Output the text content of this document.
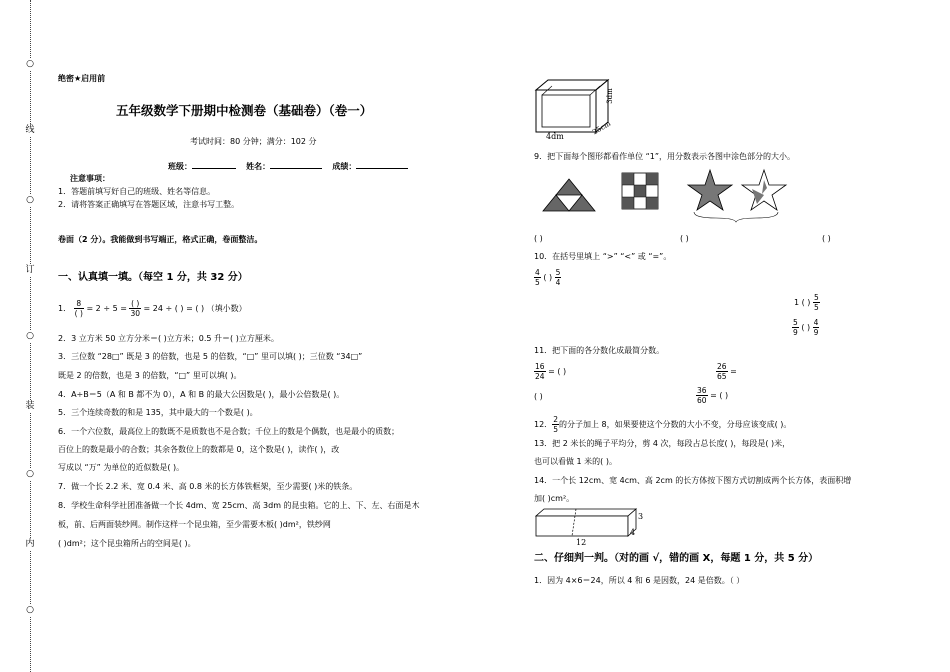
○
线
○
订
○
装
○
内
○
绝密★启用前
五年级数学下册期中检测卷（基础卷）（卷一）
考试时间：80 分钟；满分：102 分
班级：	姓名：	成绩：
注意事项：
1．答题前填写好自己的班级、姓名等信息。
2．请将答案正确填写在答题区域，注意书写工整。
卷面（2 分）。我能做到书写端正，格式正确，卷面整洁。
一、认真填一填。（每空 1 分，共 32 分）
1． $\frac{8}{( )} = 2 \div 5 = \frac{( )}{30} = 24$ ÷ ( ) = ( ) （填小数）
2．3 立方米 50 立方分米＝( )立方米；0.5 升＝( )立方厘米。
3．三位数 “28□” 既是 3 的倍数，也是 5 的倍数，“□” 里可以填( )；三位数 “34□”
既是 2 的倍数，也是 3 的倍数，“□” 里可以填( )。
4．A÷B＝5（A 和 B 都不为 0），A 和 B 的最大公因数是( )，最小公倍数是( )。
5．三个连续奇数的和是 135，其中最大的一个数是( )。
6．一个六位数，最高位上的数既不是质数也不是合数；千位上的数是个偶数，也是最小的质数；
百位上的数是最小的合数；其余各数位上的数都是 0，这个数是( )，读作( )，改
写成以 “万” 为单位的近似数是( )。
7．做一个长 2.2 米、宽 0.4 米、高 0.8 米的长方体铁框架，至少需要( )米的铁条。
8．学校生命科学社团准备做一个长 4dm、宽 25cm、高 3dm 的昆虫箱。它的上、下、左、右面是木
板，前、后两面装纱网。制作这样一个昆虫箱，至少需要木板( )dm²，铁纱网
( )dm²；这个昆虫箱所占的空间是( )。
4dm
25cm
3dm
9．把下面每个图形都看作单位 “1”，用分数表示各图中涂色部分的大小。
( )	( )	( )
10．在括号里填上 “>” “<” 或 “=”。
$\frac{4}{5}$ ( ) $\frac{5}{4}$
1 ( ) $\frac{5}{5}$
$\frac{5}{9}$ ( ) $\frac{4}{9}$
11．把下面的各分数化成最简分数。
$\frac{16}{24}$ = ( )	$\frac{26}{65}$ =
( )	$\frac{36}{60}$ = ( )
12． $\frac{2}{5}$ 的分子加上 8，如果要使这个分数的大小不变，分母应该变成( )。
13．把 2 米长的绳子平均分，剪 4 次，每段占总长度( )，每段是( )米，
也可以看做 1 米的( )。
14．一个长 12cm、宽 4cm、高 2cm 的长方体按下图方式切割成两个长方体，表面积增
加( )cm²。
3
4
12
二、仔细判一判。（对的画 √，错的画 X，每题 1 分，共 5 分）
1．因为 4×6＝24，所以 4 和 6 是因数，24 是倍数。（ ）
